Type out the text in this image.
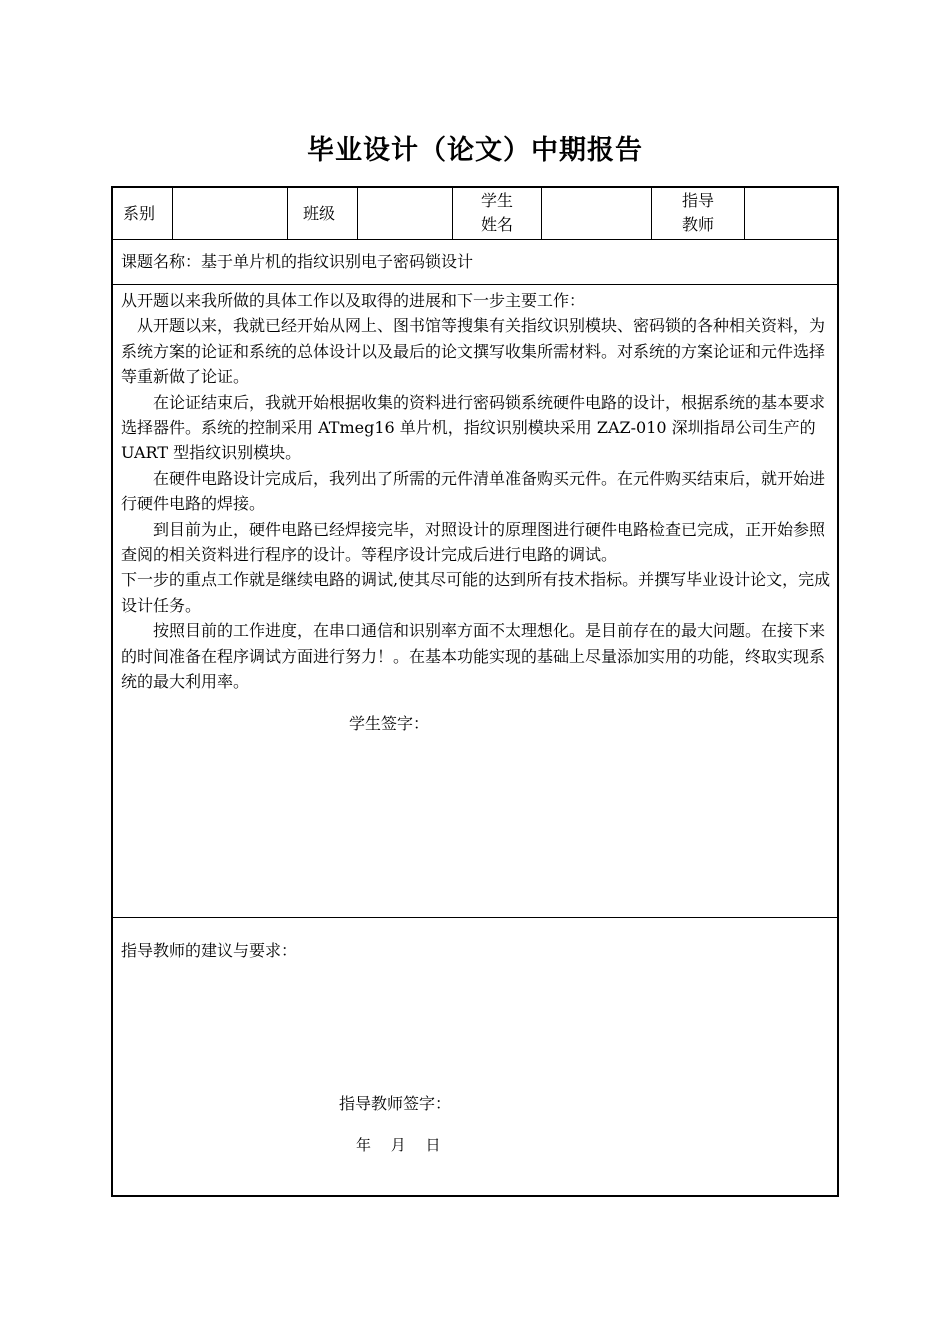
毕业设计（论文）中期报告
系别	班级
学生
姓名
指导
教师
课题名称：基于单片机的指纹识别电子密码锁设计

从开题以来我所做的具体工作以及取得的进展和下一步主要工作：

从开题以来，我就已经开始从网上、图书馆等搜集有关指纹识别模块、密码锁的各种相关资料，为系统方案的论证和系统的总体设计以及最后的论文撰写收集所需材料。对系统的方案论证和元件选择等重新做了论证。

在论证结束后，我就开始根据收集的资料进行密码锁系统硬件电路的设计，根据系统的基本要求选择器件。系统的控制采用 ATmeg16 单片机，指纹识别模块采用 ZAZ-010 深圳指昂公司生产的 UART 型指纹识别模块。

在硬件电路设计完成后，我列出了所需的元件清单准备购买元件。在元件购买结束后，就开始进行硬件电路的焊接。

到目前为止，硬件电路已经焊接完毕，对照设计的原理图进行硬件电路检查已完成，正开始参照查阅的相关资料进行程序的设计。等程序设计完成后进行电路的调试。

下一步的重点工作就是继续电路的调试,使其尽可能的达到所有技术指标。并撰写毕业设计论文，完成设计任务。

按照目前的工作进度，在串口通信和识别率方面不太理想化。是目前存在的最大问题。在接下来的时间准备在程序调试方面进行努力！。在基本功能实现的基础上尽量添加实用的功能，终取实现系统的最大利用率。

学生签字：
指导教师的建议与要求：
指导教师签字：
年　 月　 日
